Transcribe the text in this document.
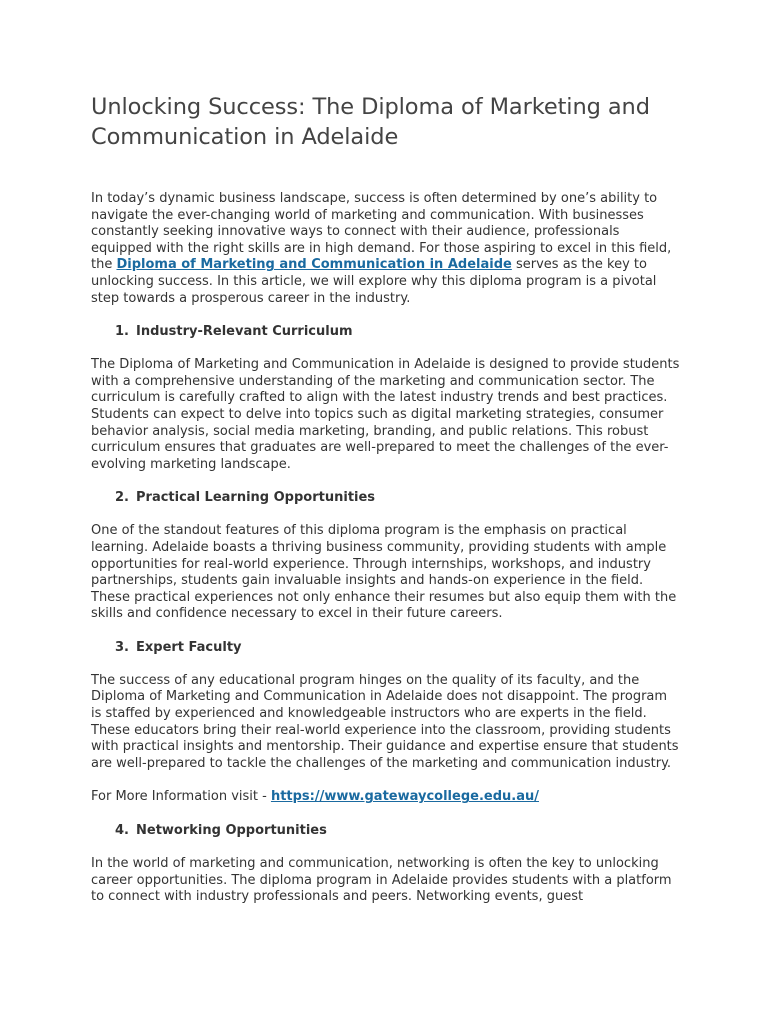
Unlocking Success: The Diploma of Marketing and Communication in Adelaide

In today’s dynamic business landscape, success is often determined by one’s ability to navigate the ever-changing world of marketing and communication. With businesses constantly seeking innovative ways to connect with their audience, professionals equipped with the right skills are in high demand. For those aspiring to excel in this field, the Diploma of Marketing and Communication in Adelaide serves as the key to unlocking success. In this article, we will explore why this diploma program is a pivotal step towards a prosperous career in the industry.

1. Industry-Relevant Curriculum

The Diploma of Marketing and Communication in Adelaide is designed to provide students with a comprehensive understanding of the marketing and communication sector. The curriculum is carefully crafted to align with the latest industry trends and best practices. Students can expect to delve into topics such as digital marketing strategies, consumer behavior analysis, social media marketing, branding, and public relations. This robust curriculum ensures that graduates are well-prepared to meet the challenges of the ever-evolving marketing landscape.

2. Practical Learning Opportunities

One of the standout features of this diploma program is the emphasis on practical learning. Adelaide boasts a thriving business community, providing students with ample opportunities for real-world experience. Through internships, workshops, and industry partnerships, students gain invaluable insights and hands-on experience in the field. These practical experiences not only enhance their resumes but also equip them with the skills and confidence necessary to excel in their future careers.

3. Expert Faculty

The success of any educational program hinges on the quality of its faculty, and the Diploma of Marketing and Communication in Adelaide does not disappoint. The program is staffed by experienced and knowledgeable instructors who are experts in the field. These educators bring their real-world experience into the classroom, providing students with practical insights and mentorship. Their guidance and expertise ensure that students are well-prepared to tackle the challenges of the marketing and communication industry.

For More Information visit - https://www.gatewaycollege.edu.au/

4. Networking Opportunities

In the world of marketing and communication, networking is often the key to unlocking career opportunities. The diploma program in Adelaide provides students with a platform to connect with industry professionals and peers. Networking events, guest
